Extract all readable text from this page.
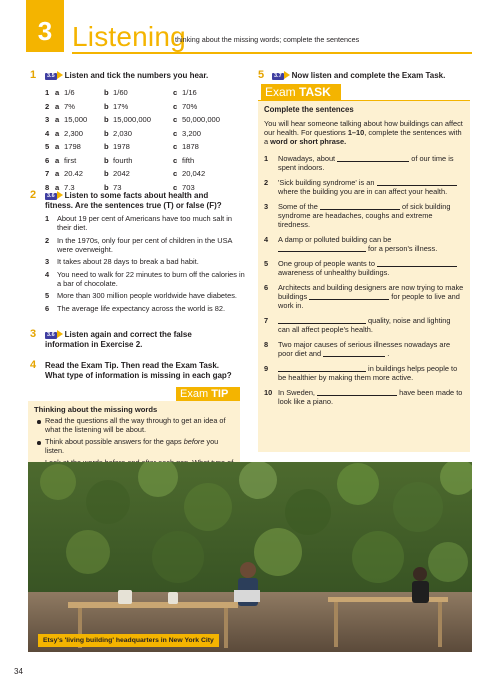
3 Listening
thinking about the missing words; complete the sentences
1	3.5 Listen and tick the numbers you hear.
1	a	1/6	b	1/60	c	1/16
2	a	7%	b	17%	c	70%
3	a	15,000	b	15,000,000	c	50,000,000
4	a	2,300	b	2,030	c	3,200
5	a	1798	b	1978	c	1878
6	a	first	b	fourth	c	fifth
7	a	20.42	b	2042	c	20,042
8	a	7.3	b	73	c	703
2	3.6 Listen to some facts about health and
fitness. Are the sentences true (T) or false (F)?
1 About 19 per cent of Americans have too much salt in their diet.
2 In the 1970s, only four per cent of children in the USA were overweight.
3 It takes about 28 days to break a bad habit.
4 You need to walk for 22 minutes to burn off the calories in a bar of chocolate.
5 More than 300 million people worldwide have diabetes.
6 The average life expectancy across the world is 82.
3	3.6 Listen again and correct the false
information in Exercise 2.
4 Read the Exam Tip. Then read the Exam Task.
What type of information is missing in each gap?
Exam TIP
Thinking about the missing words
Read the questions all the way through to get an idea of what the listening will be about.
Think about possible answers for the gaps before you listen.
5	3.7 Now listen and complete the Exam Task.
Exam TASK
Complete the sentences
You will hear someone talking about how buildings can affect our health. For questions 1–10, complete the sentences with a word or short phrase.
1 Nowadays, about	of our time is spent indoors.
2 'Sick building syndrome' is an  where the building you are in can affect your health.
3 Some of the	of sick building syndrome are headaches, coughs and extreme tiredness.
4 A damp or polluted building can be  for a person's illness.
5 One group of people wants to  awareness of unhealthy buildings.
6 Architects and building designers are now trying to make buildings	for people to live and work in.
7	quality, noise and lighting can all affect people's health.
8 Two major causes of serious illnesses nowadays are poor diet and	.
9	in buildings helps people to be healthier by making them more active.
10 In Sweden,	have been made to look like a piano.
Etsy's 'living building' headquarters in New York City
34
